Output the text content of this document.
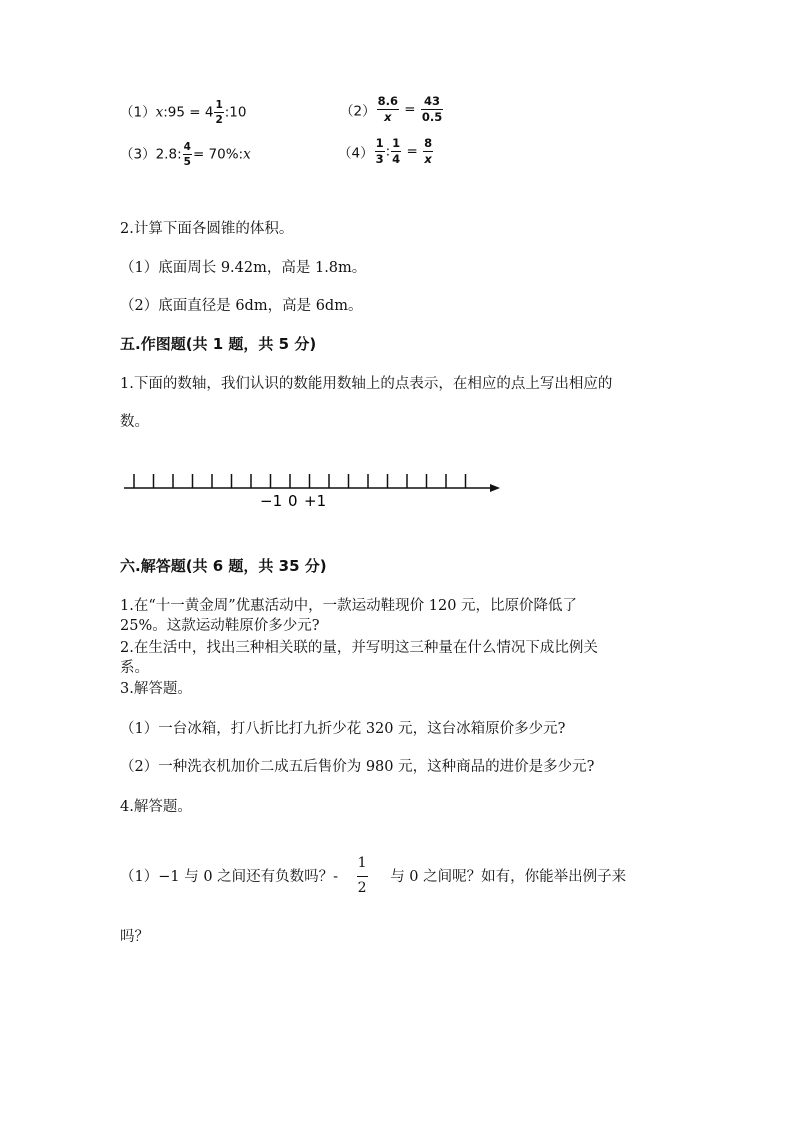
（1）x:95 = $4 \frac{1}{2}$ :10	$(2) \frac{8.6}{x} = \frac{43}{0.5}$
（3）2.8: $\frac{4}{5}$ = 70%:x	$(4) \frac{1}{3}$ : $\frac{1}{4} = \frac{8}{x}$
2.计算下面各圆锥的体积。
（1）底面周长 9.42m，高是 1.8m。
（2）底面直径是 6dm，高是 6dm。
五.作图题(共 1 题，共 5 分)
1.下面的数轴，我们认识的数能用数轴上的点表示，在相应的点上写出相应的
数。
−1 0 +1
六.解答题(共 6 题，共 35 分)
1.在“十一黄金周”优惠活动中，一款运动鞋现价 120 元，比原价降低了
25%。这款运动鞋原价多少元?
2.在生活中，找出三种相关联的量，并写明这三种量在什么情况下成比例关
系。
3.解答题。
（1）一台冰箱，打八折比打九折少花 320 元，这台冰箱原价多少元?
（2）一种洗衣机加价二成五后售价为 980 元，这种商品的进价是多少元?
4.解答题。
（1）−1 与 0 之间还有负数吗？- $\frac{1}{2}$ 与 0 之间呢？如有，你能举出例子来
吗？
